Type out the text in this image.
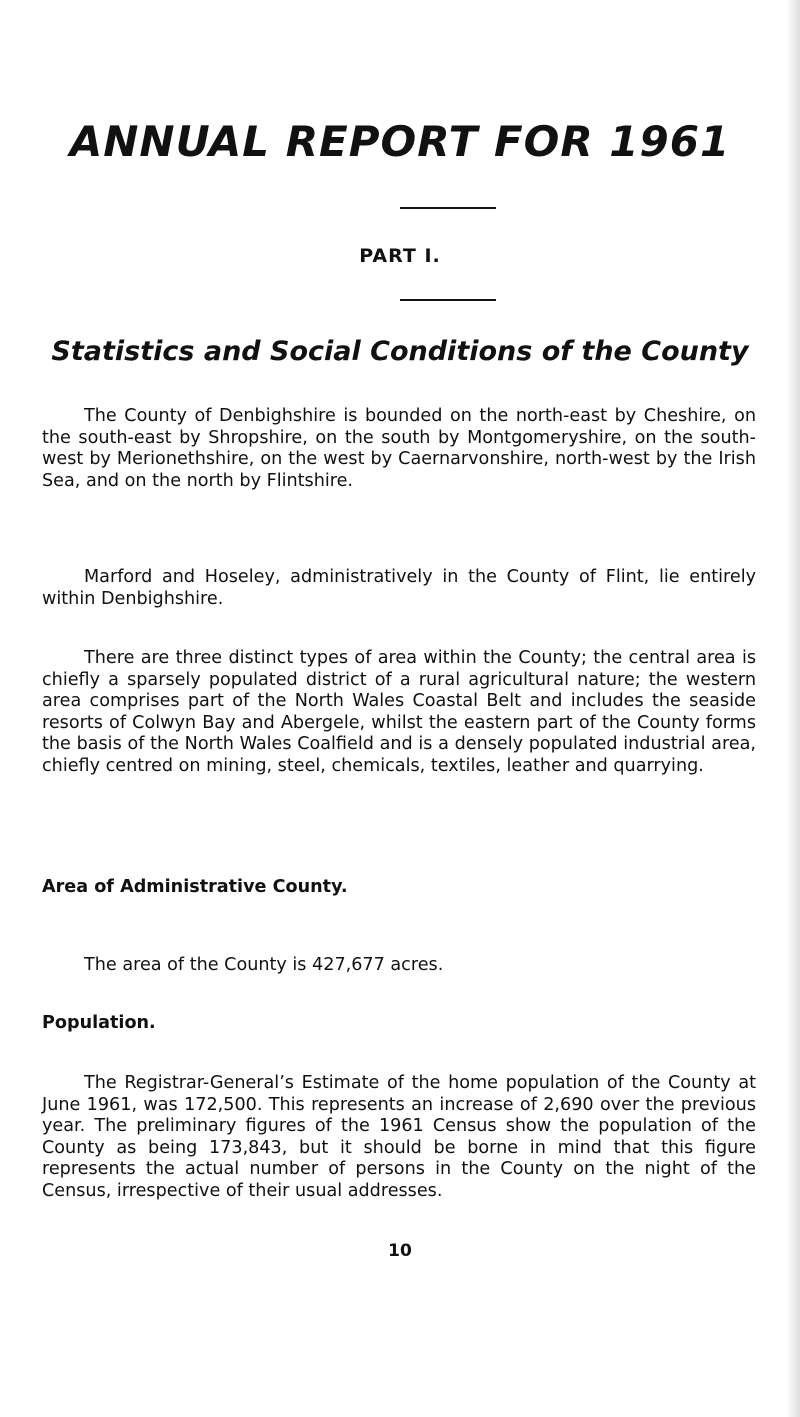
ANNUAL REPORT FOR 1961
PART I.
Statistics and Social Conditions of the County

The County of Denbighshire is bounded on the north-east by Cheshire, on the south-east by Shropshire, on the south by Montgomeryshire, on the south-west by Merionethshire, on the west by Caernarvonshire, north-west by the Irish Sea, and on the north by Flintshire.

Marford and Hoseley, administratively in the County of Flint, lie entirely within Denbighshire.

There are three distinct types of area within the County; the central area is chiefly a sparsely populated district of a rural agricultural nature; the western area comprises part of the North Wales Coastal Belt and includes the seaside resorts of Colwyn Bay and Abergele, whilst the eastern part of the County forms the basis of the North Wales Coalfield and is a densely populated industrial area, chiefly centred on mining, steel, chemicals, textiles, leather and quarrying.

Area of Administrative County.

The area of the County is 427,677 acres.

Population.

The Registrar-General’s Estimate of the home population of the County at June 1961, was 172,500. This represents an increase of 2,690 over the previous year. The preliminary figures of the 1961 Census show the population of the County as being 173,843, but it should be borne in mind that this figure represents the actual number of persons in the County on the night of the Census, irrespective of their usual addresses.

10
